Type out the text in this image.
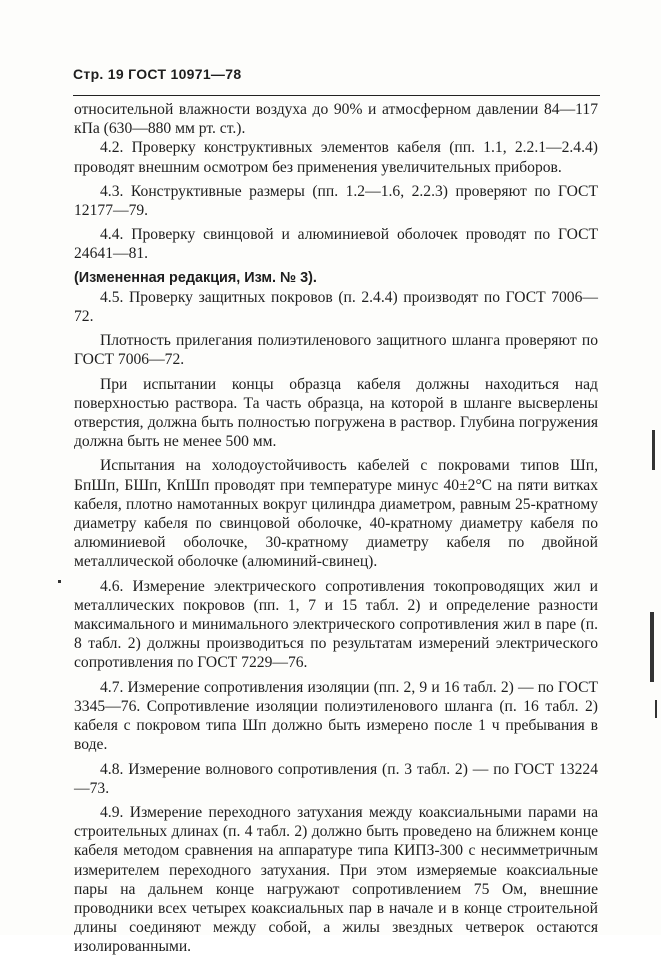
Стр. 19 ГОСТ 10971—78

относительной влажности воздуха до 90% и атмосферном давлении 84—117 кПа (630—880 мм рт. ст.).

4.2. Проверку конструктивных элементов кабеля (пп. 1.1, 2.2.1—2.4.4) проводят внешним осмотром без применения увеличительных приборов.

4.3. Конструктивные размеры (пп. 1.2—1.6, 2.2.3) проверяют по ГОСТ 12177—79.

4.4. Проверку свинцовой и алюминиевой оболочек проводят по ГОСТ 24641—81.

(Измененная редакция, Изм. № 3).

4.5. Проверку защитных покровов (п. 2.4.4) производят по ГОСТ 7006—72.

Плотность прилегания полиэтиленового защитного шланга проверяют по ГОСТ 7006—72.

При испытании концы образца кабеля должны находиться над поверхностью раствора. Та часть образца, на которой в шланге высверлены отверстия, должна быть полностью погружена в раствор. Глубина погружения должна быть не менее 500 мм.

Испытания на холодоустойчивость кабелей с покровами типов Шп, БпШп, БШп, КпШп проводят при температуре минус 40±2°С на пяти витках кабеля, плотно намотанных вокруг цилиндра диаметром, равным 25-кратному диаметру кабеля по свинцовой оболочке, 40-кратному диаметру кабеля по алюминиевой оболочке, 30-кратному диаметру кабеля по двойной металлической оболочке (алюминий-свинец).

4.6. Измерение электрического сопротивления токопроводящих жил и металлических покровов (пп. 1, 7 и 15 табл. 2) и определение разности максимального и минимального электрического сопротивления жил в паре (п. 8 табл. 2) должны производиться по результатам измерений электрического сопротивления по ГОСТ 7229—76.

4.7. Измерение сопротивления изоляции (пп. 2, 9 и 16 табл. 2) — по ГОСТ 3345—76. Сопротивление изоляции полиэтиленового шланга (п. 16 табл. 2) кабеля с покровом типа Шп должно быть измерено после 1 ч пребывания в воде.

4.8. Измерение волнового сопротивления (п. 3 табл. 2) — по ГОСТ 13224—73.

4.9. Измерение переходного затухания между коаксиальными парами на строительных длинах (п. 4 табл. 2) должно быть проведено на ближнем конце кабеля методом сравнения на аппаратуре типа КИПЗ-300 с несимметричным измерителем переходного затухания. При этом измеряемые коаксиальные пары на дальнем конце нагружают сопротивлением 75 Ом, внешние проводники всех четырех коаксиальных пар в начале и в конце строительной длины соединяют между собой, а жилы звездных четверок остаются изолированными.
